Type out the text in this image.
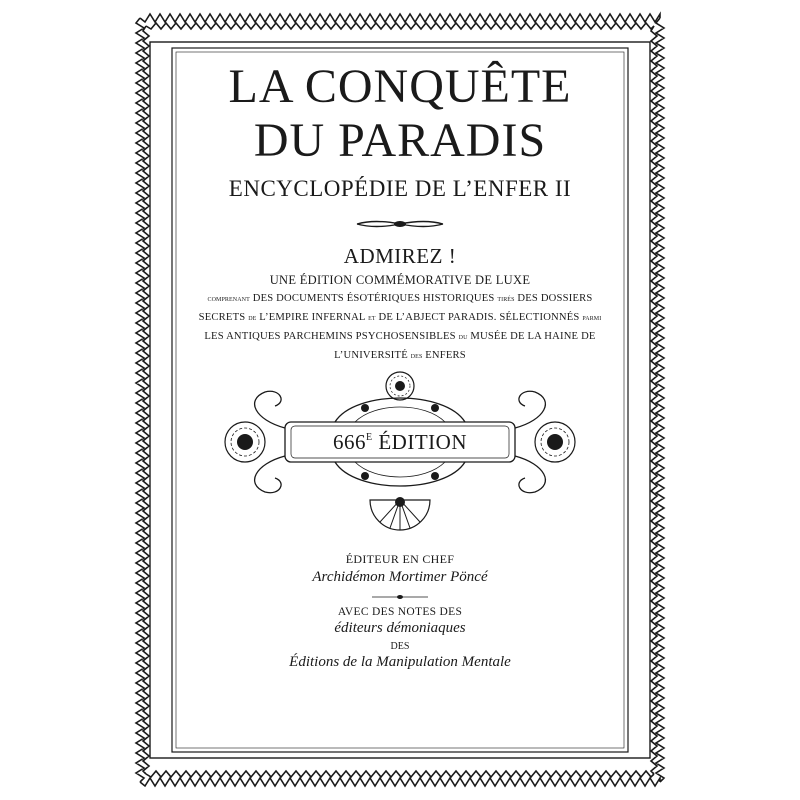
LA CONQUÊTE
DU PARADIS
ENCYCLOPÉDIE DE L’ENFER II
ADMIREZ !
UNE ÉDITION COMMÉMORATIVE DE LUXE
COMPRENANT DES DOCUMENTS ÉSOTÉRIQUES HISTORIQUES TIRÉS DES DOSSIERS
SECRETS DE L’EMPIRE INFERNAL ET DE L’ABJECT PARADIS. SÉLECTIONNÉS PARMI
LES ANTIQUES PARCHEMINS PSYCHOSENSIBLES DU MUSÉE DE LA HAINE DE
L’UNIVERSITÉ DES ENFERS
$666^E$ ÉDITION
ÉDITEUR EN CHEF
Archidémon Mortimer Pöncé
AVEC DES NOTES DES
éditeurs démoniaques
DES
Éditions de la Manipulation Mentale
